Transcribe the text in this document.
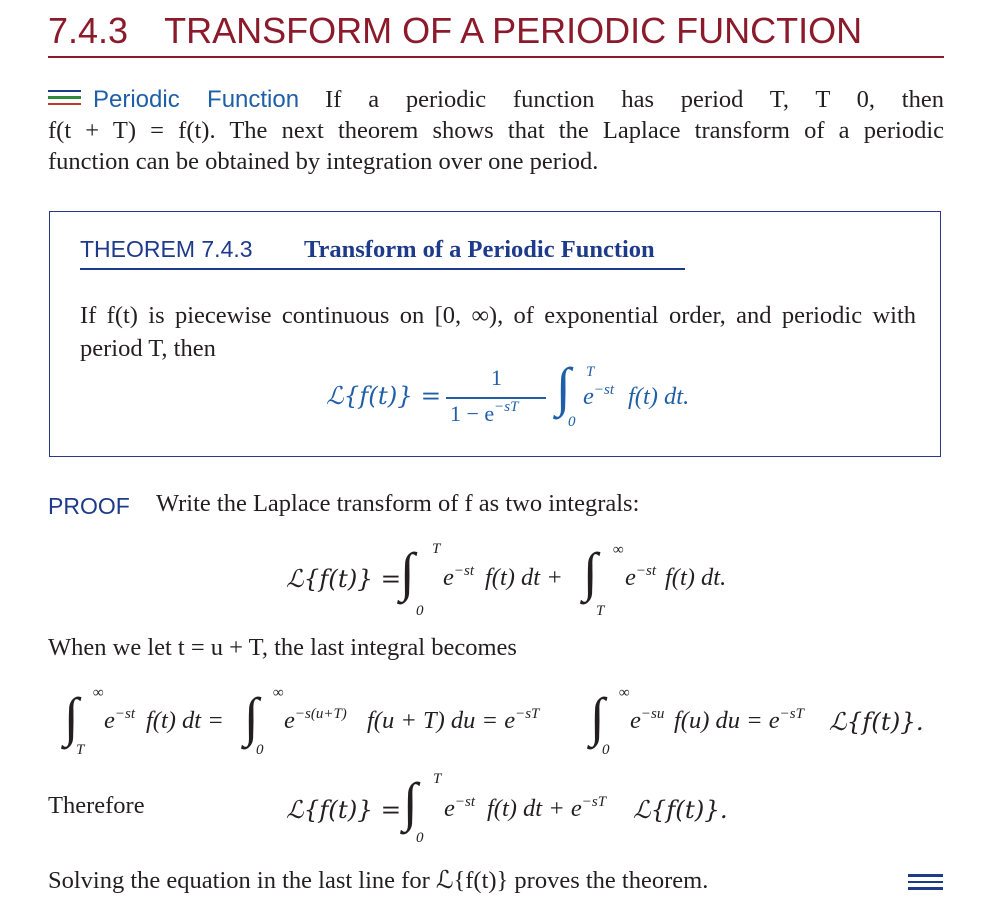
7.4.3 TRANSFORM OF A PERIODIC FUNCTION
Periodic Function If a periodic function has period T, T 0, then
f(t + T) = f(t). The next theorem shows that the Laplace transform of a periodic
function can be obtained by integration over one period.
THEOREM 7.4.3 Transform of a Periodic Function
If f(t) is piecewise continuous on [0, ∞), of exponential order, and periodic with
period T, then
ℒ{f(t)} =
1
$1 - e^{-sT}$ ∫ T
0
$e^{-st}$ f(t) dt.
PROOF Write the Laplace transform of f as two integrals:
ℒ{f(t)} =
∫ T
0
$e^{-st}$ f(t) dt + ∫ ∞
T
$e^{-st}$ f(t) dt.
When we let t = u + T, the last integral becomes
∫ ∞
T
$e^{-st}$ f(t) dt = ∫ ∞
0
$e^{-s(u+T)}$ f(u + T) du = $e^{-sT}$ ∫ ∞
0
$e^{-su}$ f(u) du = $e^{-sT}$ ℒ{f(t)}.
Therefore	ℒ{f(t)} = ∫ T
0
$e^{-st}$ f(t) dt + $e^{-sT}$ ℒ{f(t)}.
Solving the equation in the last line for ℒ{f(t)} proves the theorem.
